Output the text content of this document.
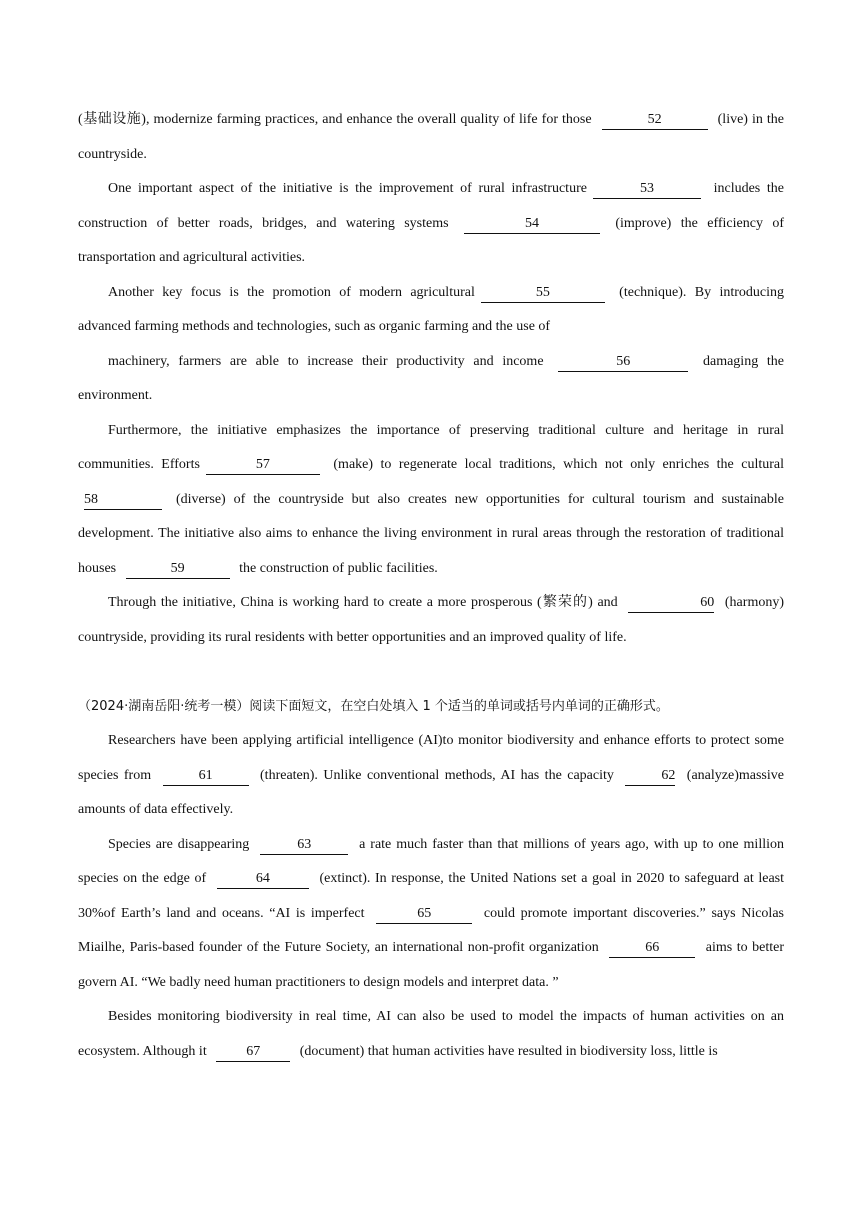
(基础设施), modernize farming practices, and enhance the overall quality of life for those	52	(live) in the countryside.

One important aspect of the initiative is the improvement of rural infrastructure	53	includes the construction of better roads, bridges, and watering systems	54	(improve) the efficiency of transportation and agricultural activities.

Another key focus is the promotion of modern agricultural	55	(technique). By introducing advanced farming methods and technologies, such as organic farming and the use of

machinery, farmers are able to increase their productivity and income	56	damaging the environment.

Furthermore, the initiative emphasizes the importance of preserving traditional culture and heritage in rural communities. Efforts	57	(make) to regenerate local traditions, which not only enriches the cultural 58	(diverse) of the countryside but also creates new opportunities for cultural tourism and sustainable development. The initiative also aims to enhance the living environment in rural areas through the restoration of traditional houses	59	the construction of public facilities.

Through the initiative, China is working hard to create a more prosperous (繁荣的) and	60 (harmony) countryside, providing its rural residents with better opportunities and an improved quality of life.

（2024·湖南岳阳·统考一模）阅读下面短文，在空白处填入 1 个适当的单词或括号内单词的正确形式。

Researchers have been applying artificial intelligence (AI)to monitor biodiversity and enhance efforts to protect some species from	61	(threaten). Unlike conventional methods, AI has the capacity	62 (analyze)massive amounts of data effectively.

Species are disappearing	63	a rate much faster than that millions of years ago, with up to one million species on the edge of	64	(extinct). In response, the United Nations set a goal in 2020 to safeguard at least 30%of Earth’s land and oceans. “AI is imperfect	65	could promote important discoveries.” says Nicolas Miailhe, Paris-based founder of the Future Society, an international non-profit organization	66	aims to better govern AI. “We badly need human practitioners to design models and interpret data. ”

Besides monitoring biodiversity in real time, AI can also be used to model the impacts of human activities on an ecosystem. Although it	67	(document) that human activities have resulted in biodiversity loss, little is
